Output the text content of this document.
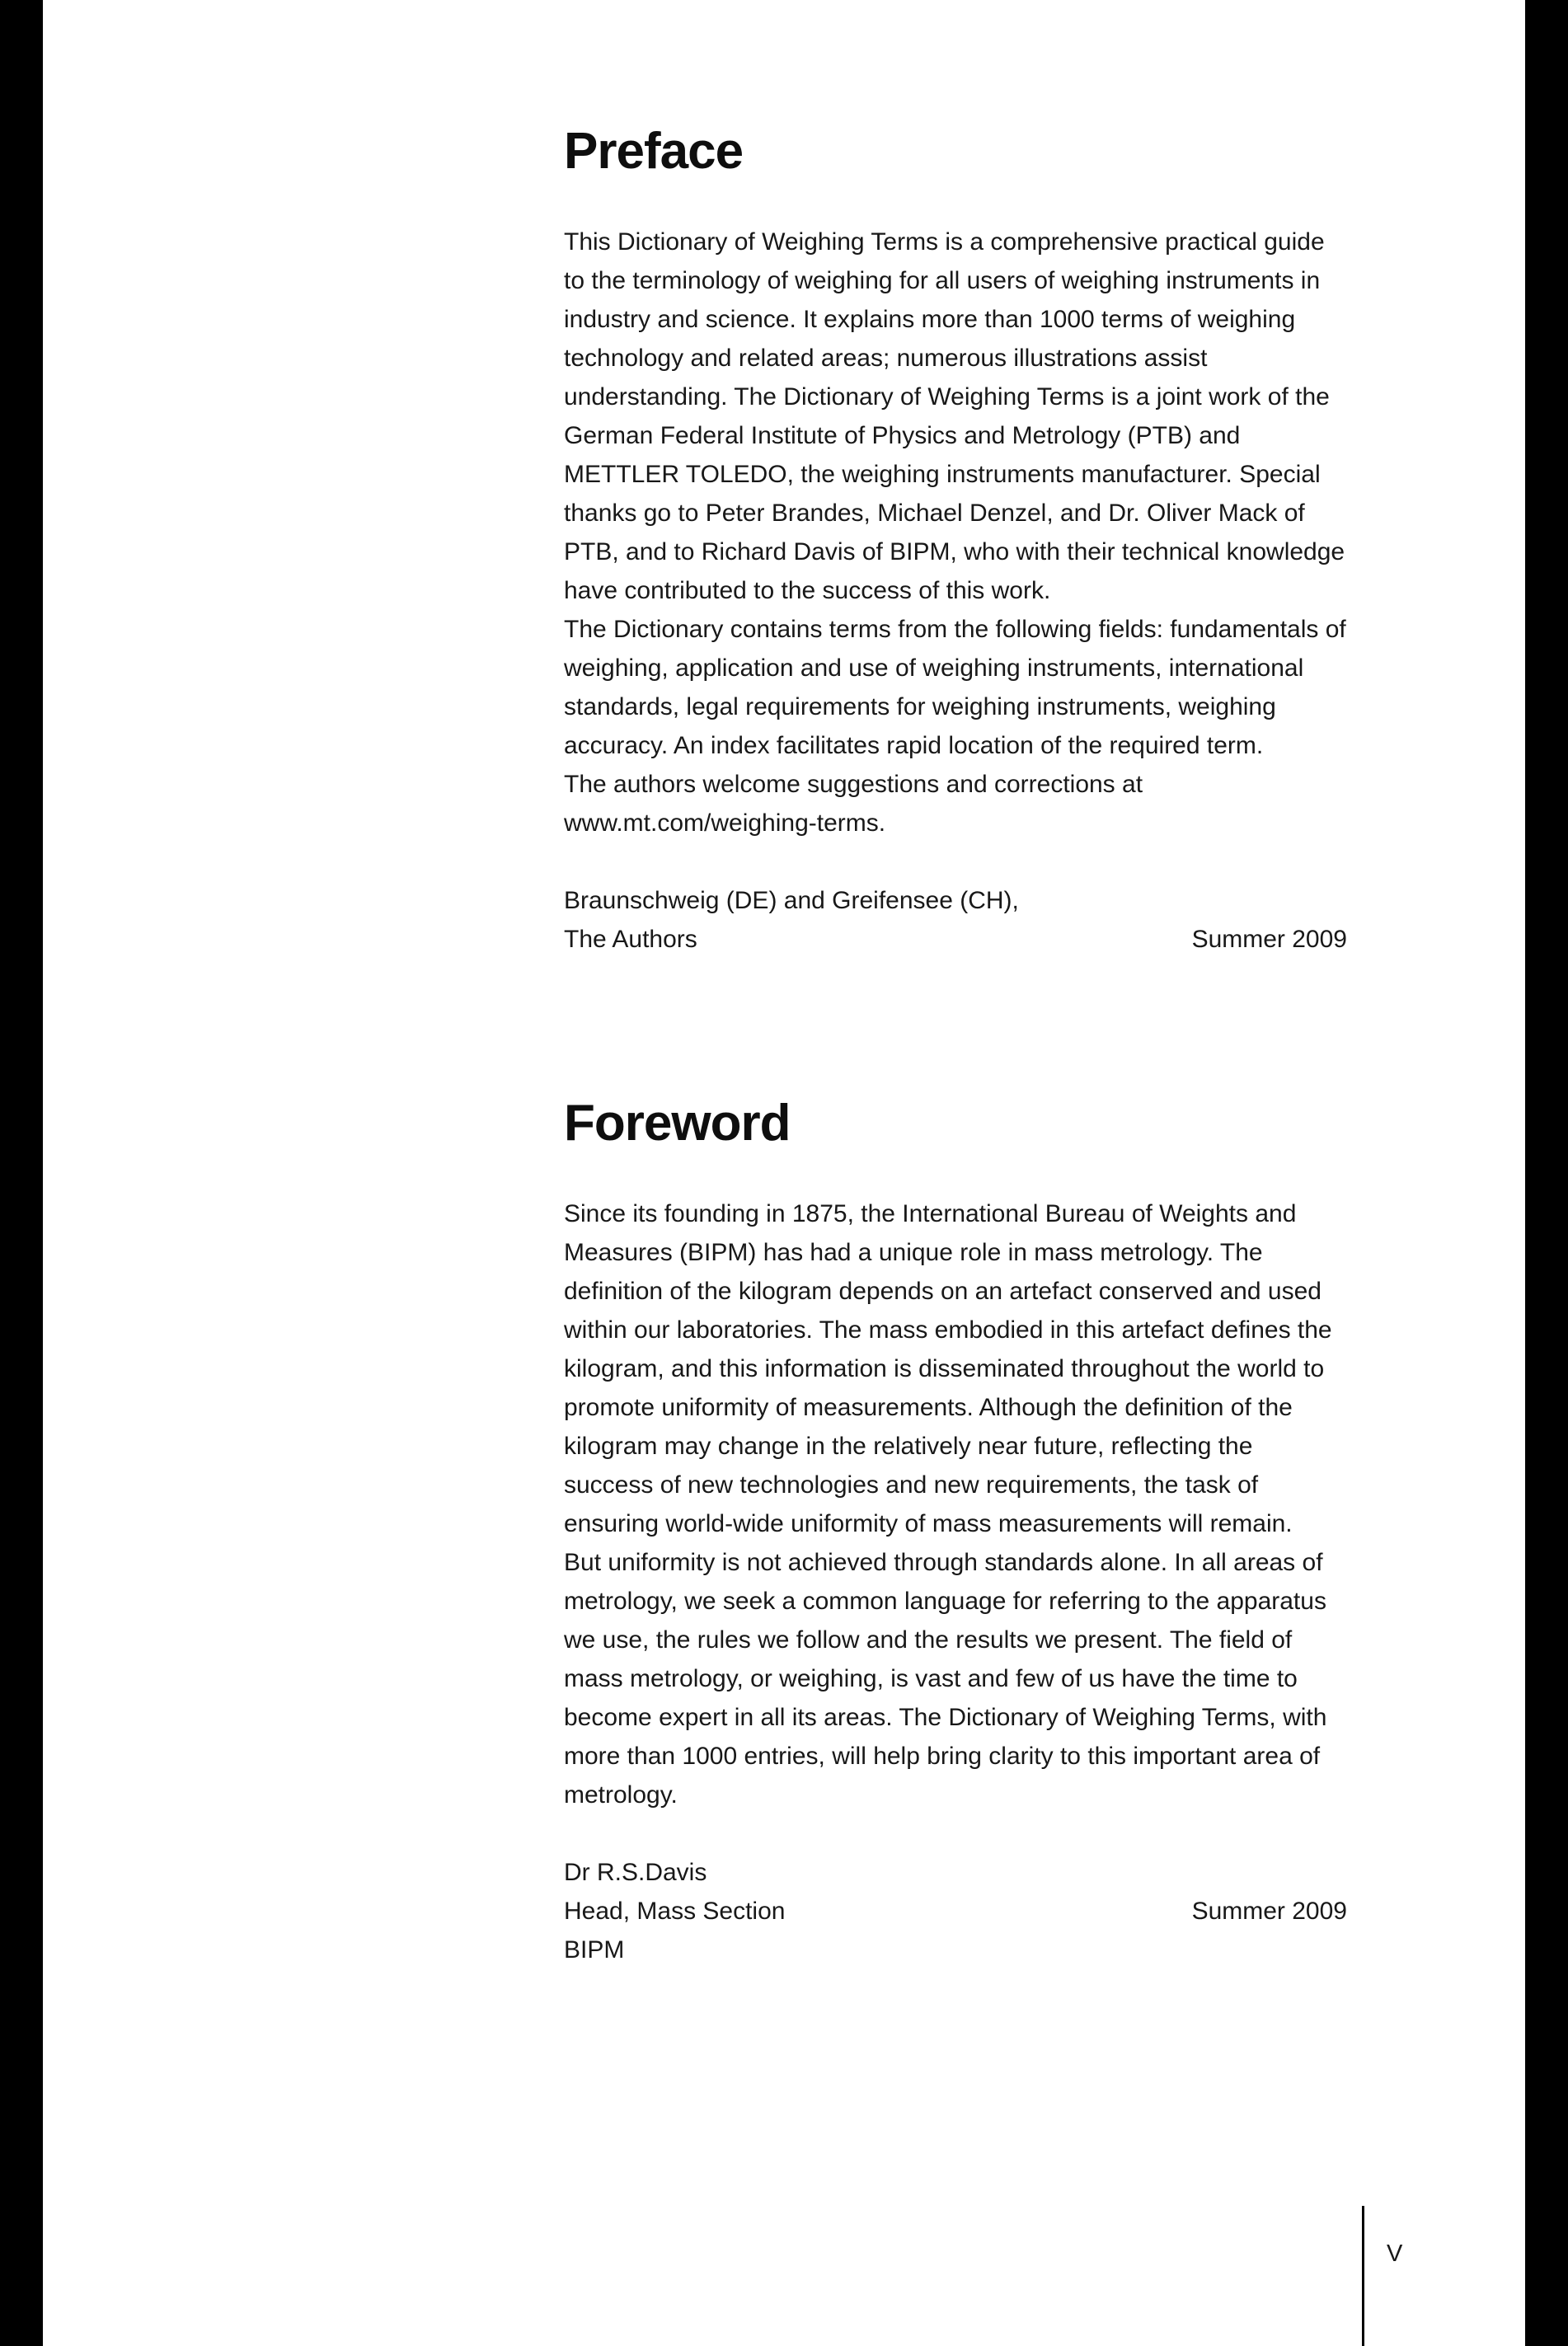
Preface

This Dictionary of Weighing Terms is a comprehensive practical guide to the terminology of weighing for all users of weighing instruments in industry and science. It explains more than 1000 terms of weighing technology and related areas; numerous illustrations assist understanding. The Dictionary of Weighing Terms is a joint work of the German Federal Institute of Physics and Metrology (PTB) and METTLER TOLEDO, the weighing instruments manufacturer. Special thanks go to Peter Brandes, Michael Denzel, and Dr. Oliver Mack of PTB, and to Richard Davis of BIPM, who with their technical knowledge have contributed to the success of this work.

The Dictionary contains terms from the following fields: fundamentals of weighing, application and use of weighing instruments, international standards, legal requirements for weighing instruments, weighing accuracy. An index facilitates rapid location of the required term.

The authors welcome suggestions and corrections at www.mt.com/weighing-terms.

Braunschweig (DE) and Greifensee (CH),
The Authors	Summer 2009
Foreword

Since its founding in 1875, the International Bureau of Weights and Measures (BIPM) has had a unique role in mass metrology. The definition of the kilogram depends on an artefact conserved and used within our laboratories. The mass embodied in this artefact defines the kilogram, and this information is disseminated throughout the world to promote uniformity of measurements. Although the definition of the kilogram may change in the relatively near future, reflecting the success of new technologies and new requirements, the task of ensuring world-wide uniformity of mass measurements will remain.

But uniformity is not achieved through standards alone. In all areas of metrology, we seek a common language for referring to the apparatus we use, the rules we follow and the results we present. The field of mass metrology, or weighing, is vast and few of us have the time to become expert in all its areas. The Dictionary of Weighing Terms, with more than 1000 entries, will help bring clarity to this important area of metrology.

Dr R.S.Davis
Head, Mass Section	Summer 2009
BIPM
V
